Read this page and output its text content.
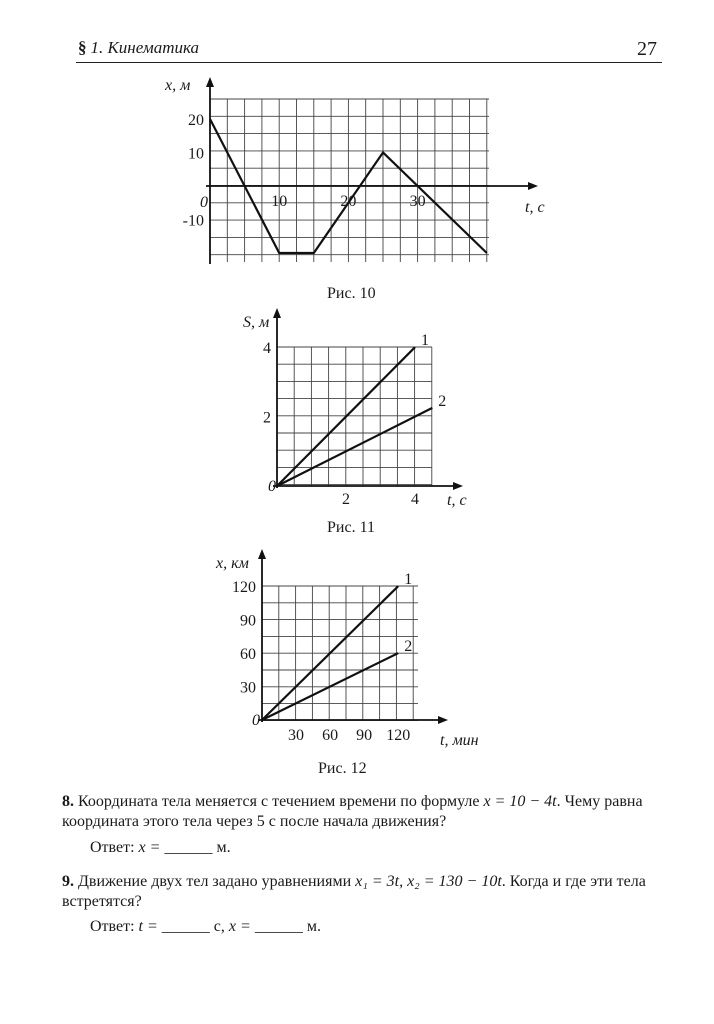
§ 1. Кинематика	27
x, м
t, с
0	10	20	30
20
10
-10
Рис. 10
S, м
t, с
0
2	4
4
2
1
2
Рис. 11
x, км
t, мин
0
30 60 90 120
120
90
60
30
1
2
Рис. 12
8. Координата тела меняется с течением времени по формуле x = 10 − 4t. Чему равна координата этого тела через 5 с после начала движения?
Ответ: x = ______ м.
9. Движение двух тел задано уравнениями x₁ = 3t, x₂ = 130 − 10t. Когда и где эти тела встретятся?
Ответ: t = ______ с, x = ______ м.
